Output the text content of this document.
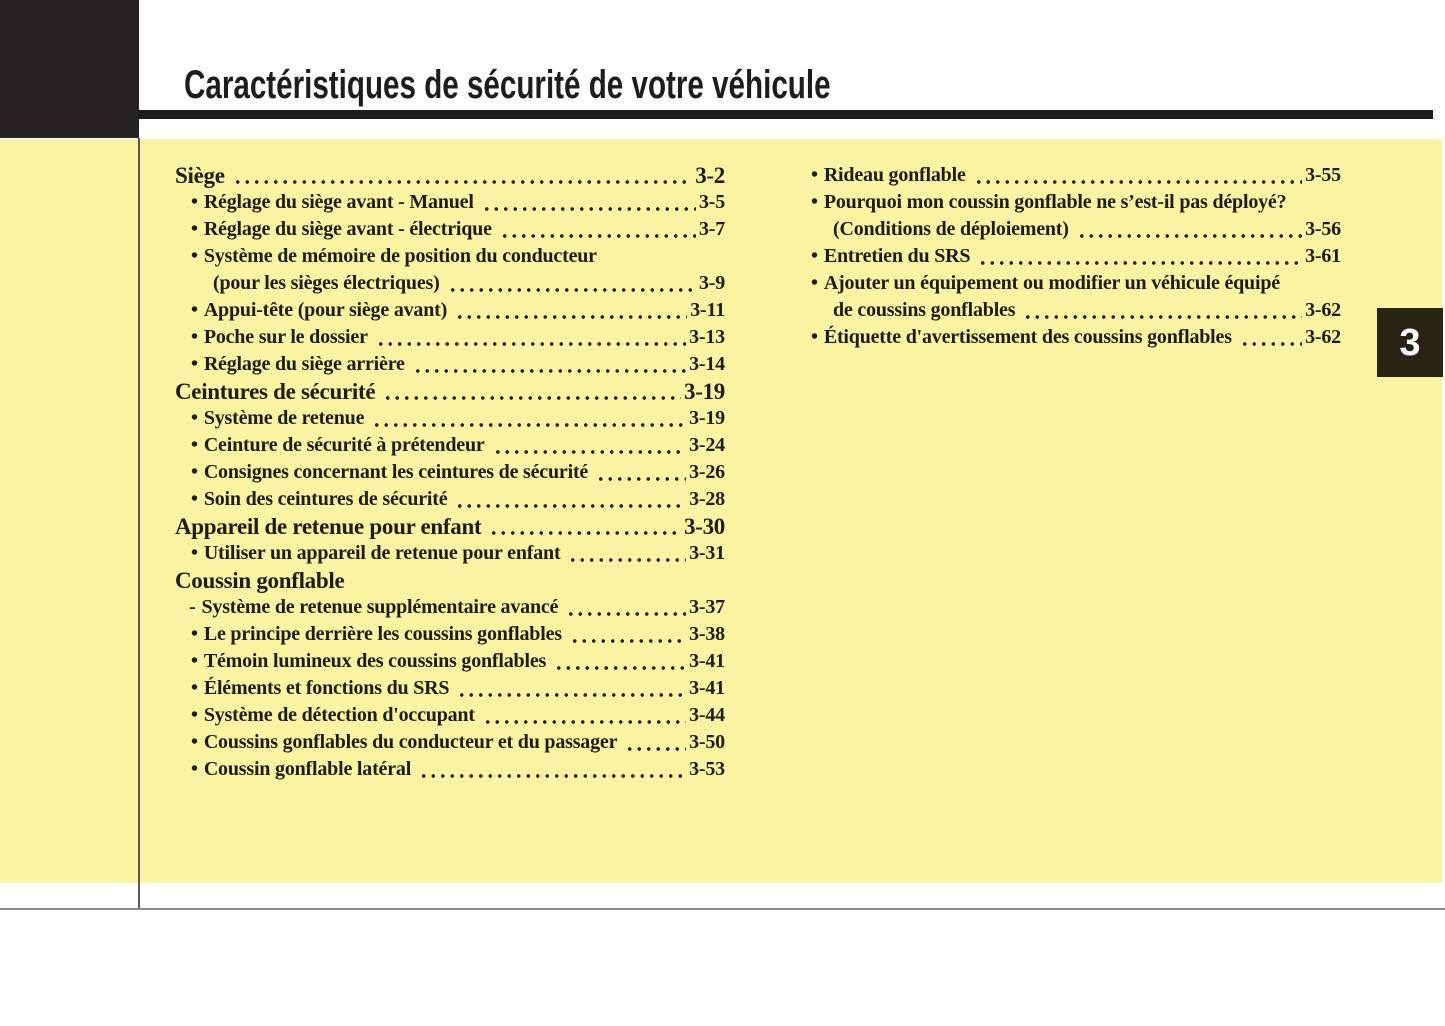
Caractéristiques de sécurité de votre véhicule
3
Siège	3-2
• Réglage du siège avant - Manuel	3-5
• Réglage du siège avant - électrique	3-7
• Système de mémoire de position du conducteur
(pour les sièges électriques)	3-9
• Appui-tête (pour siège avant)	3-11
• Poche sur le dossier	3-13
• Réglage du siège arrière	3-14
Ceintures de sécurité	3-19
• Système de retenue	3-19
• Ceinture de sécurité à prétendeur	3-24
• Consignes concernant les ceintures de sécurité	3-26
• Soin des ceintures de sécurité	3-28
Appareil de retenue pour enfant	3-30
• Utiliser un appareil de retenue pour enfant	3-31
Coussin gonflable
- Système de retenue supplémentaire avancé	3-37
• Le principe derrière les coussins gonflables	3-38
• Témoin lumineux des coussins gonflables	3-41
• Éléments et fonctions du SRS	3-41
• Système de détection d'occupant	3-44
• Coussins gonflables du conducteur et du passager	3-50
• Coussin gonflable latéral	3-53
• Rideau gonflable	3-55
• Pourquoi mon coussin gonflable ne s’est-il pas déployé?
(Conditions de déploiement)	3-56
• Entretien du SRS	3-61
• Ajouter un équipement ou modifier un véhicule équipé
de coussins gonflables	3-62
• Étiquette d'avertissement des coussins gonflables	3-62
